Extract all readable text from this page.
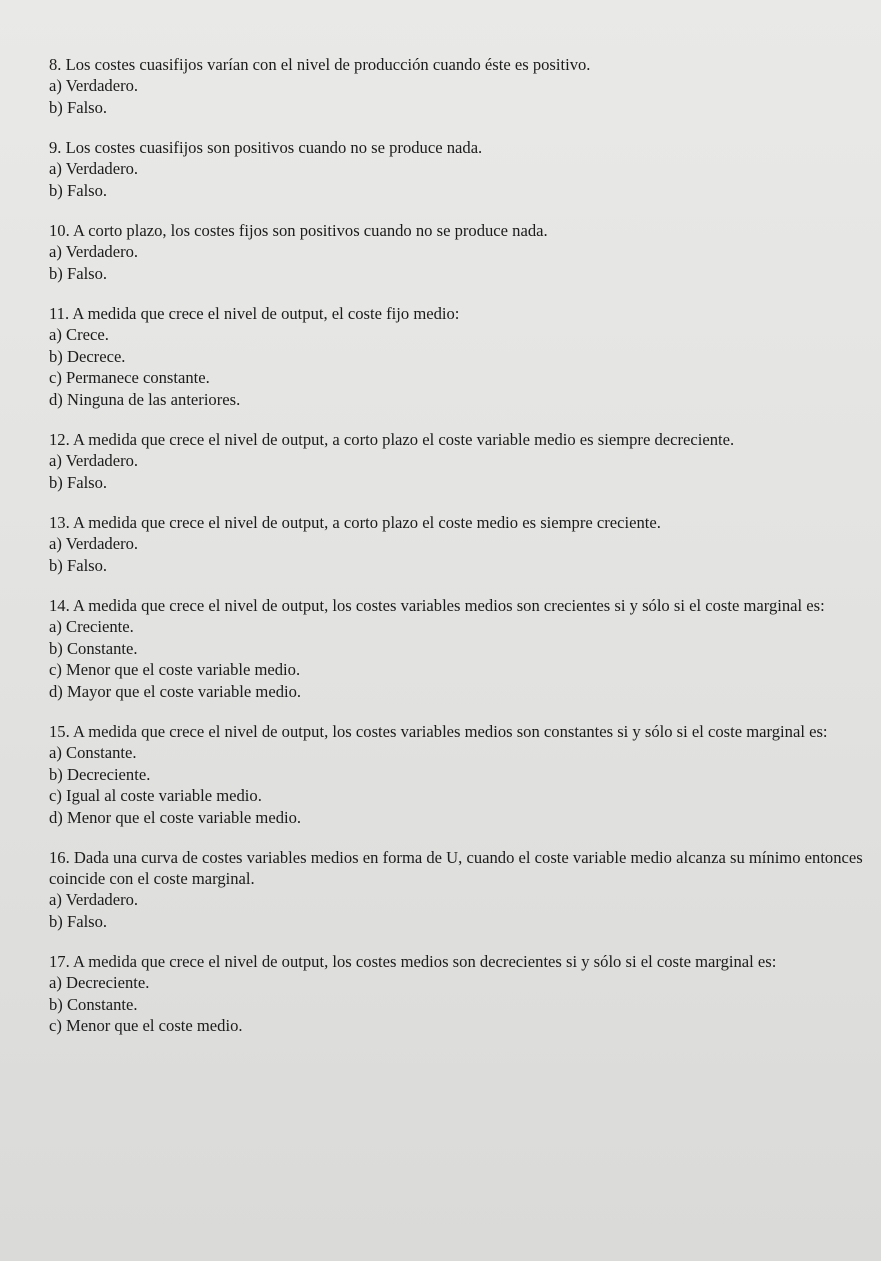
8. Los costes cuasifijos varían con el nivel de producción cuando éste es positivo.

a) Verdadero.

b) Falso.

9. Los costes cuasifijos son positivos cuando no se produce nada.

a) Verdadero.

b) Falso.

10. A corto plazo, los costes fijos son positivos cuando no se produce nada.

a) Verdadero.

b) Falso.

11. A medida que crece el nivel de output, el coste fijo medio:

a) Crece.

b) Decrece.

c) Permanece constante.

d) Ninguna de las anteriores.

12. A medida que crece el nivel de output, a corto plazo el coste variable medio es siempre decreciente.

a) Verdadero.

b) Falso.

13. A medida que crece el nivel de output, a corto plazo el coste medio es siempre creciente.

a) Verdadero.

b) Falso.

14. A medida que crece el nivel de output, los costes variables medios son crecientes si y sólo si el coste marginal es:

a) Creciente.

b) Constante.

c) Menor que el coste variable medio.

d) Mayor que el coste variable medio.

15. A medida que crece el nivel de output, los costes variables medios son constantes si y sólo si el coste marginal es:

a) Constante.

b) Decreciente.

c) Igual al coste variable medio.

d) Menor que el coste variable medio.

16. Dada una curva de costes variables medios en forma de U, cuando el coste variable medio alcanza su mínimo entonces coincide con el coste marginal.

a) Verdadero.

b) Falso.

17. A medida que crece el nivel de output, los costes medios son decrecientes si y sólo si el coste marginal es:

a) Decreciente.

b) Constante.

c) Menor que el coste medio.
